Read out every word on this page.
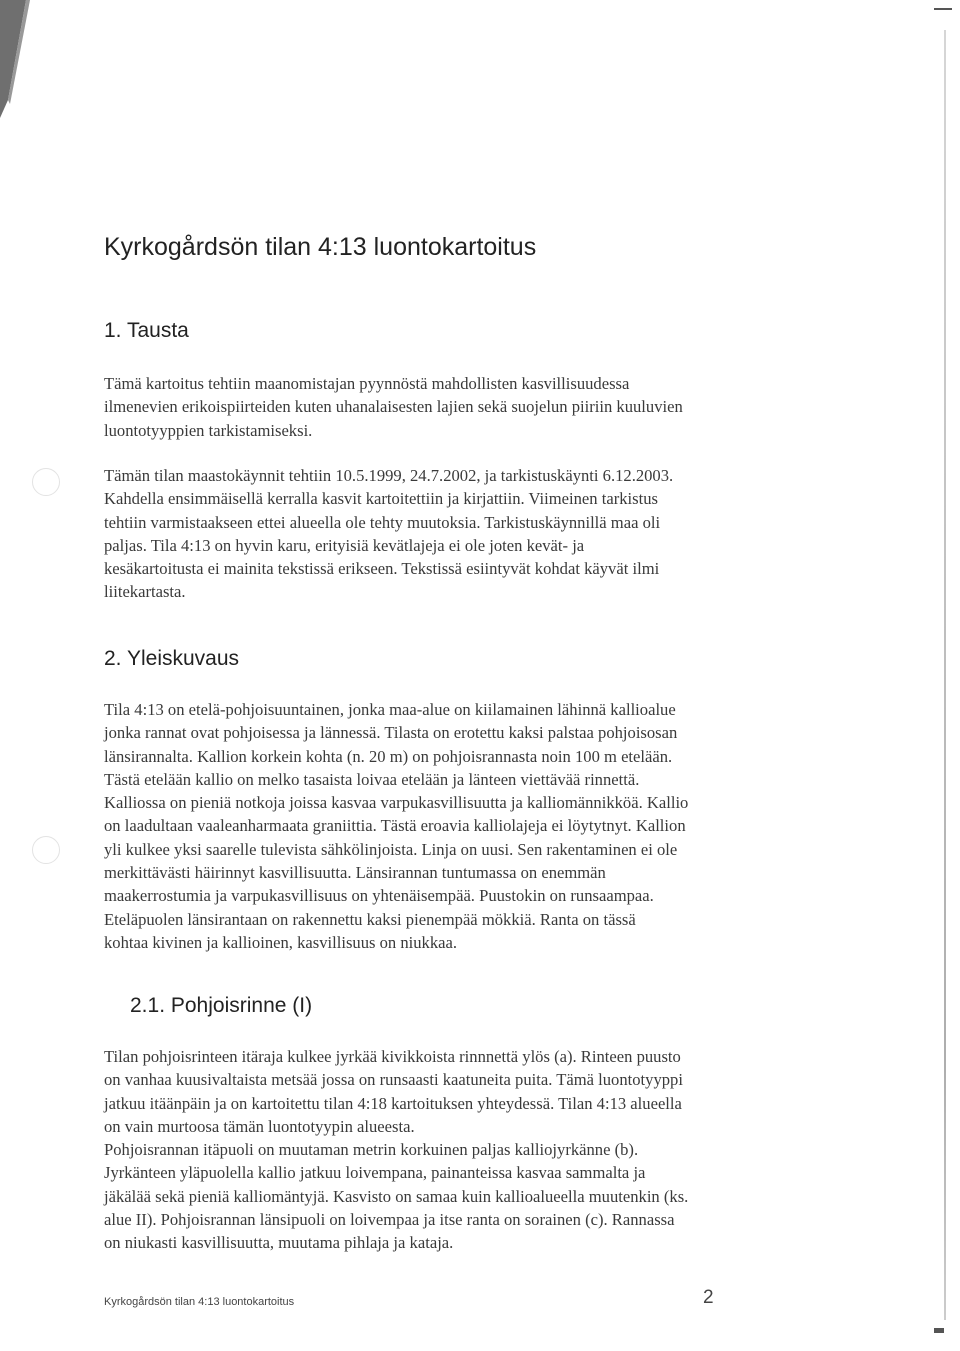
Kyrkogårdsön tilan 4:13 luontokartoitus
1. Tausta

Tämä kartoitus tehtiin maanomistajan pyynnöstä mahdollisten kasvillisuudessa
ilmenevien erikoispiirteiden kuten uhanalaisesten lajien sekä suojelun piiriin kuuluvien
luontotyyppien tarkistamiseksi.

Tämän tilan maastokäynnit tehtiin 10.5.1999, 24.7.2002, ja tarkistuskäynti 6.12.2003.
Kahdella ensimmäisellä kerralla kasvit kartoitettiin ja kirjattiin. Viimeinen tarkistus
tehtiin varmistaakseen ettei alueella ole tehty muutoksia. Tarkistuskäynnillä maa oli
paljas. Tila 4:13 on hyvin karu, erityisiä kevätlajeja ei ole joten kevät- ja
kesäkartoitusta ei mainita tekstissä erikseen. Tekstissä esiintyvät kohdat käyvät ilmi
liitekartasta.

2. Yleiskuvaus

Tila 4:13 on etelä-pohjoisuuntainen, jonka maa-alue on kiilamainen lähinnä kallioalue
jonka rannat ovat pohjoisessa ja lännessä. Tilasta on erotettu kaksi palstaa pohjoisosan
länsirannalta. Kallion korkein kohta (n. 20 m) on pohjoisrannasta noin 100 m etelään.
Tästä etelään kallio on melko tasaista loivaa etelään ja länteen viettävää rinnettä.
Kalliossa on pieniä notkoja joissa kasvaa varpukasvillisuutta ja kalliomännikköä. Kallio
on laadultaan vaaleanharmaata graniittia. Tästä eroavia kalliolajeja ei löytytnyt. Kallion
yli kulkee yksi saarelle tulevista sähkölinjoista. Linja on uusi. Sen rakentaminen ei ole
merkittävästi häirinnyt kasvillisuutta. Länsirannan tuntumassa on enemmän
maakerrostumia ja varpukasvillisuus on yhtenäisempää. Puustokin on runsaampaa.
Eteläpuolen länsirantaan on rakennettu kaksi pienempää mökkiä. Ranta on tässä
kohtaa kivinen ja kallioinen, kasvillisuus on niukkaa.

2.1. Pohjoisrinne (I)

Tilan pohjoisrinteen itäraja kulkee jyrkää kivikkoista rinnnettä ylös (a). Rinteen puusto
on vanhaa kuusivaltaista metsää jossa on runsaasti kaatuneita puita. Tämä luontotyyppi
jatkuu itäänpäin ja on kartoitettu tilan 4:18 kartoituksen yhteydessä. Tilan 4:13 alueella
on vain murtoosa tämän luontotyypin alueesta.
Pohjoisrannan itäpuoli on muutaman metrin korkuinen paljas kalliojyrkänne (b).
Jyrkänteen yläpuolella kallio jatkuu loivempana, painanteissa kasvaa sammalta ja
jäkälää sekä pieniä kalliomäntyjä. Kasvisto on samaa kuin kallioalueella muutenkin (ks.
alue II). Pohjoisrannan länsipuoli on loivempaa ja itse ranta on sorainen (c). Rannassa
on niukasti kasvillisuutta, muutama pihlaja ja kataja.

Kyrkogårdsön tilan 4:13 luontokartoitus	2
